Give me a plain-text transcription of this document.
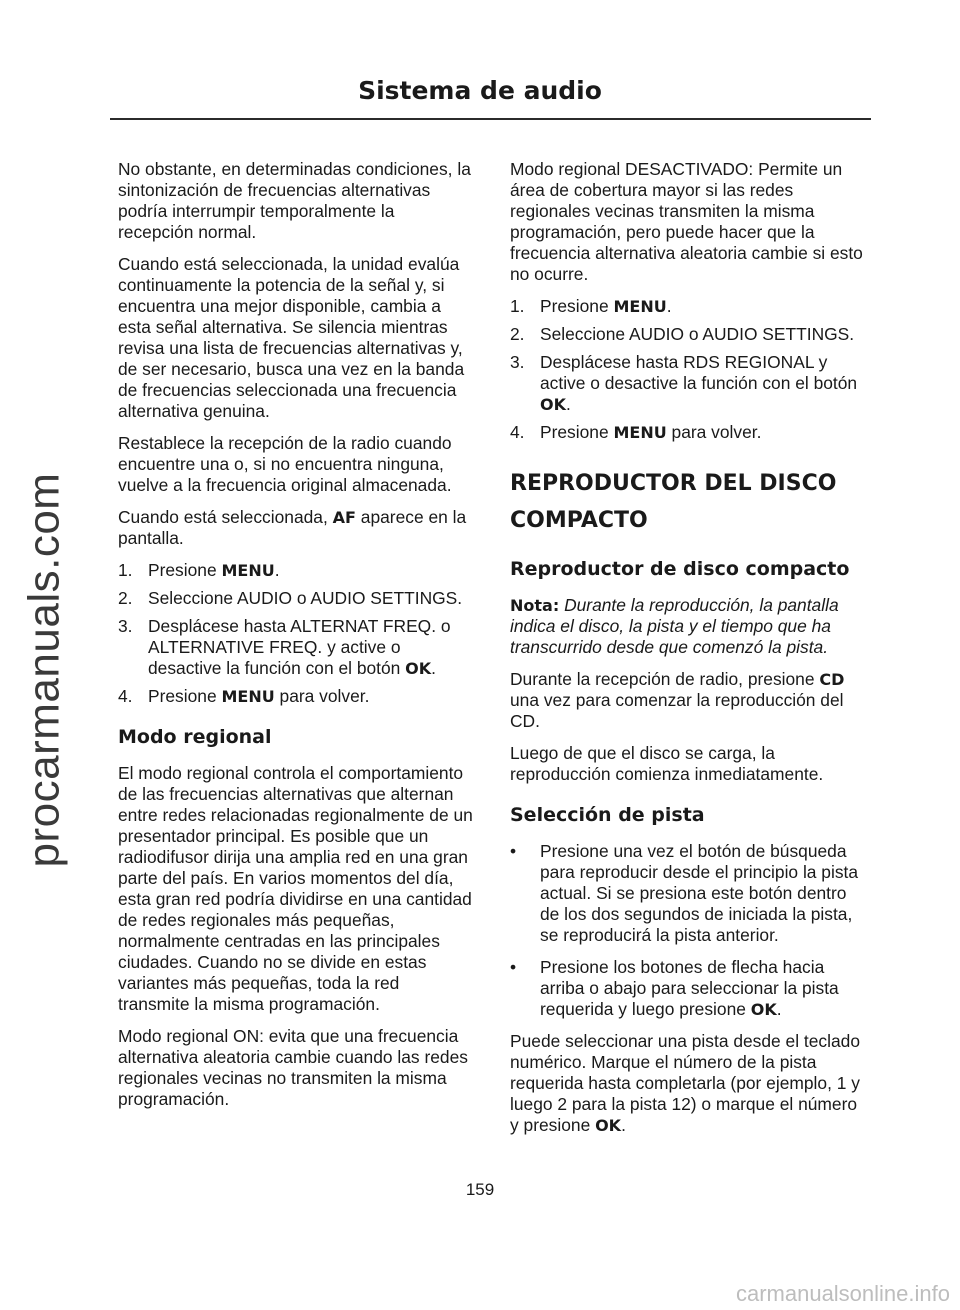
procarmanuals.com
Sistema de audio

No obstante, en determinadas condiciones, la sintonización de frecuencias alternativas podría interrumpir temporalmente la recepción normal.

Cuando está seleccionada, la unidad evalúa continuamente la potencia de la señal y, si encuentra una mejor disponible, cambia a esta señal alternativa. Se silencia mientras revisa una lista de frecuencias alternativas y, de ser necesario, busca una vez en la banda de frecuencias seleccionada una frecuencia alternativa genuina.

Restablece la recepción de la radio cuando encuentre una o, si no encuentra ninguna, vuelve a la frecuencia original almacenada.

Cuando está seleccionada, AF aparece en la pantalla.

1. Presione MENU.
2. Seleccione AUDIO o AUDIO SETTINGS.
3. Desplácese hasta ALTERNAT FREQ. o ALTERNATIVE FREQ. y active o desactive la función con el botón OK.
4. Presione MENU para volver.
Modo regional

El modo regional controla el comportamiento de las frecuencias alternativas que alternan entre redes relacionadas regionalmente de un presentador principal. Es posible que un radiodifusor dirija una amplia red en una gran parte del país. En varios momentos del día, esta gran red podría dividirse en una cantidad de redes regionales más pequeñas, normalmente centradas en las principales ciudades. Cuando no se divide en estas variantes más pequeñas, toda la red transmite la misma programación.

Modo regional ON: evita que una frecuencia alternativa aleatoria cambie cuando las redes regionales vecinas no transmiten la misma programación.

Modo regional DESACTIVADO: Permite un área de cobertura mayor si las redes regionales vecinas transmiten la misma programación, pero puede hacer que la frecuencia alternativa aleatoria cambie si esto no ocurre.

1. Presione MENU.
2. Seleccione AUDIO o AUDIO SETTINGS.
3. Desplácese hasta RDS REGIONAL y active o desactive la función con el botón OK.
4. Presione MENU para volver.
REPRODUCTOR DEL DISCO COMPACTO
Reproductor de disco compacto

Nota: Durante la reproducción, la pantalla indica el disco, la pista y el tiempo que ha transcurrido desde que comenzó la pista.

Durante la recepción de radio, presione CD una vez para comenzar la reproducción del CD.

Luego de que el disco se carga, la reproducción comienza inmediatamente.

Selección de pista
•	Presione una vez el botón de búsqueda para reproducir desde el principio la pista actual. Si se presiona este botón dentro de los dos segundos de iniciada la pista, se reproducirá la pista anterior.
•	Presione los botones de flecha hacia arriba o abajo para seleccionar la pista requerida y luego presione OK.

Puede seleccionar una pista desde el teclado numérico. Marque el número de la pista requerida hasta completarla (por ejemplo, 1 y luego 2 para la pista 12) o marque el número y presione OK.

159
carmanualsonline.info
